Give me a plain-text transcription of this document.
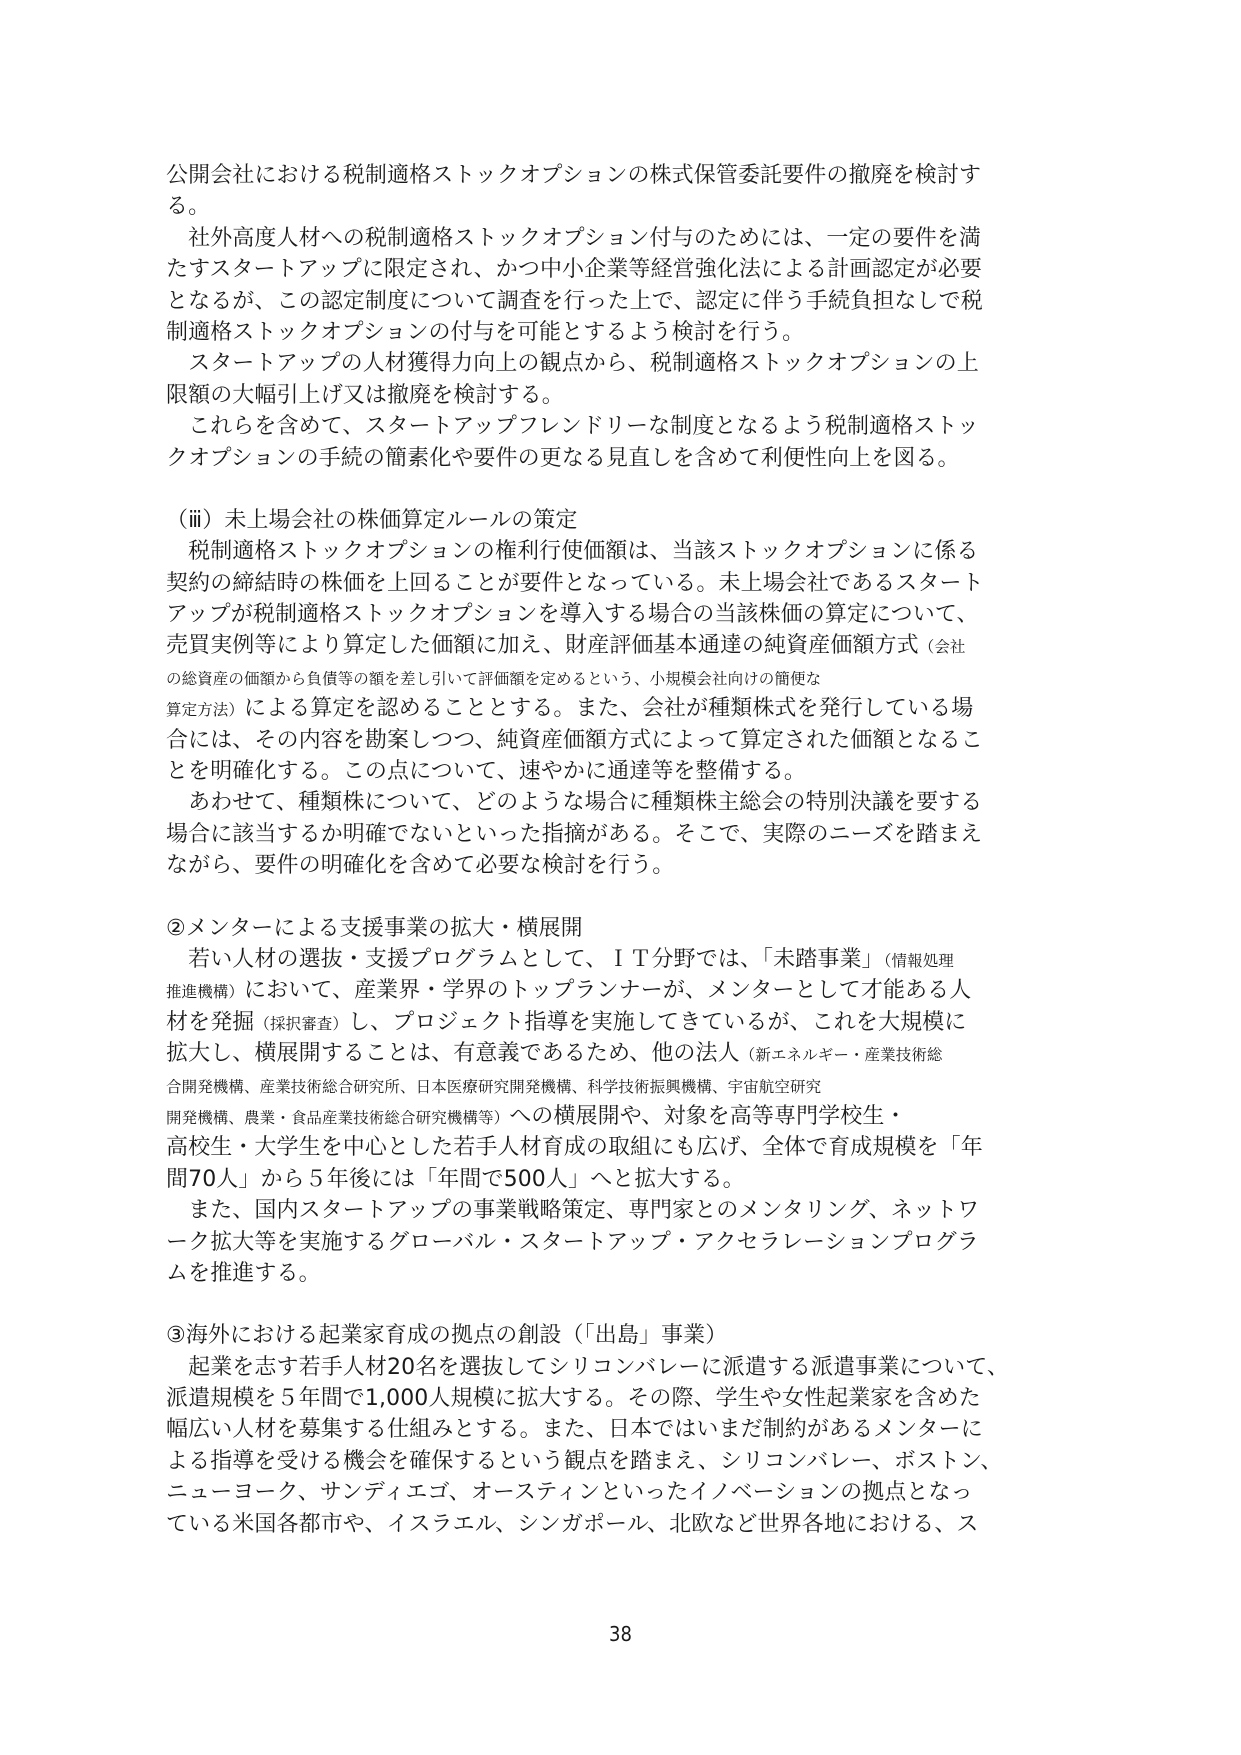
公開会社における税制適格ストックオプションの株式保管委託要件の撤廃を検討す
る。
　社外高度人材への税制適格ストックオプション付与のためには、一定の要件を満
たすスタートアップに限定され、かつ中小企業等経営強化法による計画認定が必要
となるが、この認定制度について調査を行った上で、認定に伴う手続負担なしで税
制適格ストックオプションの付与を可能とするよう検討を行う。
　スタートアップの人材獲得力向上の観点から、税制適格ストックオプションの上
限額の大幅引上げ又は撤廃を検討する。
　これらを含めて、スタートアップフレンドリーな制度となるよう税制適格ストッ
クオプションの手続の簡素化や要件の更なる見直しを含めて利便性向上を図る。
（ⅲ）未上場会社の株価算定ルールの策定
　税制適格ストックオプションの権利行使価額は、当該ストックオプションに係る
契約の締結時の株価を上回ることが要件となっている。未上場会社であるスタート
アップが税制適格ストックオプションを導入する場合の当該株価の算定について、
売買実例等により算定した価額に加え、財産評価基本通達の純資産価額方式（会社
の総資産の価額から負債等の額を差し引いて評価額を定めるという、小規模会社向けの簡便な
算定方法）による算定を認めることとする。また、会社が種類株式を発行している場
合には、その内容を勘案しつつ、純資産価額方式によって算定された価額となるこ
とを明確化する。この点について、速やかに通達等を整備する。
　あわせて、種類株について、どのような場合に種類株主総会の特別決議を要する
場合に該当するか明確でないといった指摘がある。そこで、実際のニーズを踏まえ
ながら、要件の明確化を含めて必要な検討を行う。
②メンターによる支援事業の拡大・横展開
　若い人材の選抜・支援プログラムとして、ＩＴ分野では、「未踏事業」（情報処理
推進機構）において、産業界・学界のトップランナーが、メンターとして才能ある人
材を発掘（採択審査）し、プロジェクト指導を実施してきているが、これを大規模に
拡大し、横展開することは、有意義であるため、他の法人（新エネルギー・産業技術総
合開発機構、産業技術総合研究所、日本医療研究開発機構、科学技術振興機構、宇宙航空研究
開発機構、農業・食品産業技術総合研究機構等）への横展開や、対象を高等専門学校生・
高校生・大学生を中心とした若手人材育成の取組にも広げ、全体で育成規模を「年
間70人」から５年後には「年間で500人」へと拡大する。
　また、国内スタートアップの事業戦略策定、専門家とのメンタリング、ネットワ
ーク拡大等を実施するグローバル・スタートアップ・アクセラレーションプログラ
ムを推進する。
③海外における起業家育成の拠点の創設（「出島」事業）
　起業を志す若手人材20名を選抜してシリコンバレーに派遣する派遣事業について、
派遣規模を５年間で1,000人規模に拡大する。その際、学生や女性起業家を含めた
幅広い人材を募集する仕組みとする。また、日本ではいまだ制約があるメンターに
よる指導を受ける機会を確保するという観点を踏まえ、シリコンバレー、ボストン、
ニューヨーク、サンディエゴ、オースティンといったイノベーションの拠点となっ
ている米国各都市や、イスラエル、シンガポール、北欧など世界各地における、ス
38
